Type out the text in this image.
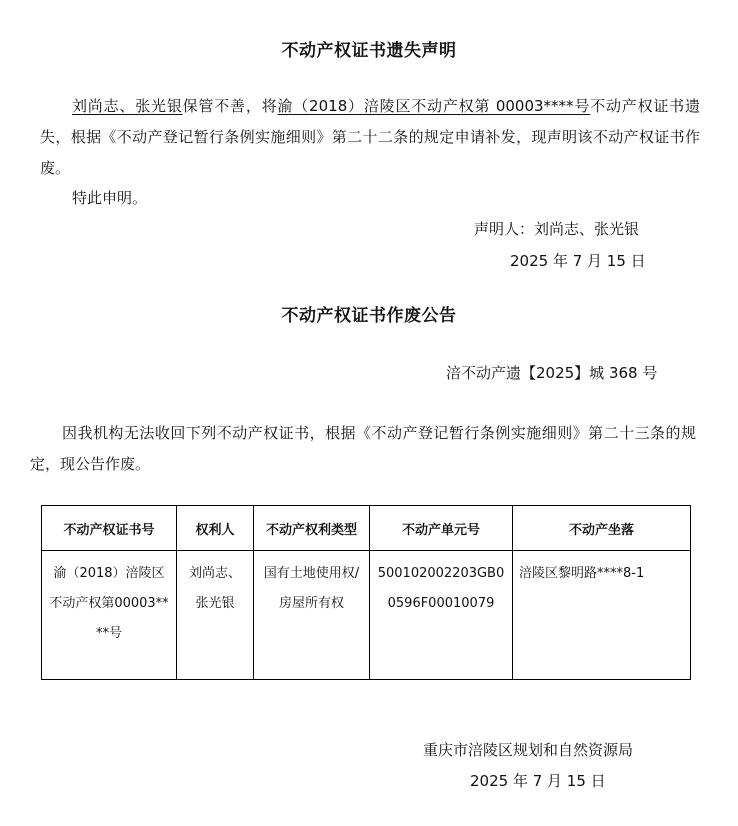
不动产权证书遗失声明
刘尚志、张光银保管不善，将渝（2018）涪陵区不动产权第 00003****号不动产权证书遗失，根据《不动产登记暂行条例实施细则》第二十二条的规定申请补发，现声明该不动产权证书作废。
特此申明。
声明人：刘尚志、张光银
2025 年 7 月 15 日
不动产权证书作废公告
涪不动产遗【2025】城 368 号
因我机构无法收回下列不动产权证书，根据《不动产登记暂行条例实施细则》第二十三条的规定，现公告作废。
不动产权证书号	权利人	不动产权利类型	不动产单元号	不动产坐落
渝（2018）涪陵区不动产权第00003****号	刘尚志、张光银	国有土地使用权/房屋所有权	500102002203GB00596F00010079	涪陵区黎明路****8-1
重庆市涪陵区规划和自然资源局
2025 年 7 月 15 日
